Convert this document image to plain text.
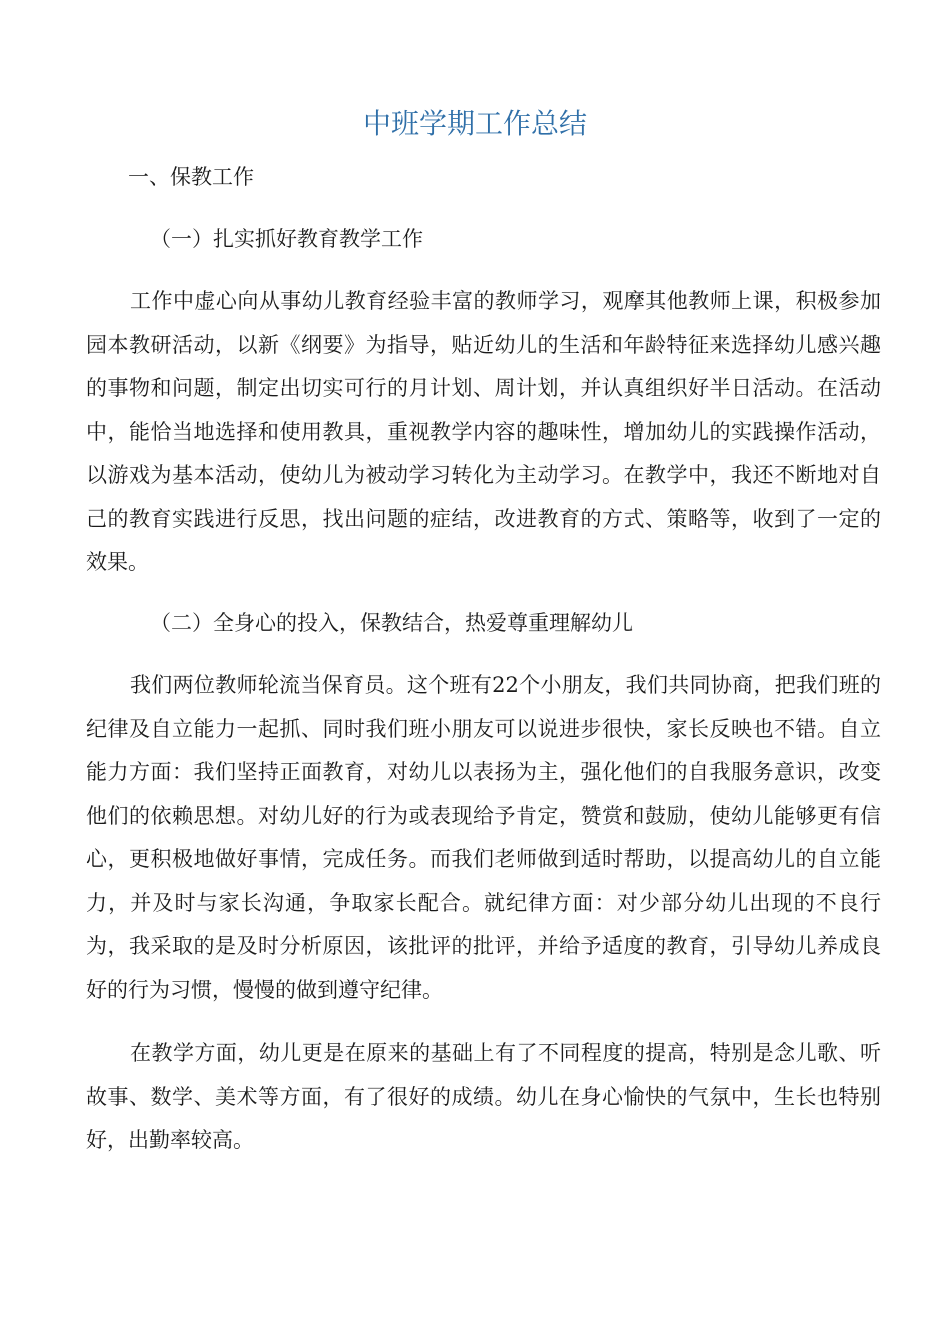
中班学期工作总结

一、保教工作

（一）扎实抓好教育教学工作

工作中虚心向从事幼儿教育经验丰富的教师学习，观摩其他教师上课，积极参加园本教研活动，以新《纲要》为指导，贴近幼儿的生活和年龄特征来选择幼儿感兴趣的事物和问题，制定出切实可行的月计划、周计划，并认真组织好半日活动。在活动中，能恰当地选择和使用教具，重视教学内容的趣味性，增加幼儿的实践操作活动，以游戏为基本活动，使幼儿为被动学习转化为主动学习。在教学中，我还不断地对自己的教育实践进行反思，找出问题的症结，改进教育的方式、策略等，收到了一定的效果。

（二）全身心的投入，保教结合，热爱尊重理解幼儿

我们两位教师轮流当保育员。这个班有22个小朋友，我们共同协商，把我们班的纪律及自立能力一起抓、同时我们班小朋友可以说进步很快，家长反映也不错。自立能力方面：我们坚持正面教育，对幼儿以表扬为主，强化他们的自我服务意识，改变他们的依赖思想。对幼儿好的行为或表现给予肯定，赞赏和鼓励，使幼儿能够更有信心，更积极地做好事情，完成任务。而我们老师做到适时帮助，以提高幼儿的自立能力，并及时与家长沟通，争取家长配合。就纪律方面：对少部分幼儿出现的不良行为，我采取的是及时分析原因，该批评的批评，并给予适度的教育，引导幼儿养成良好的行为习惯，慢慢的做到遵守纪律。

在教学方面，幼儿更是在原来的基础上有了不同程度的提高，特别是念儿歌、听故事、数学、美术等方面，有了很好的成绩。幼儿在身心愉快的气氛中，生长也特别好，出勤率较高。
